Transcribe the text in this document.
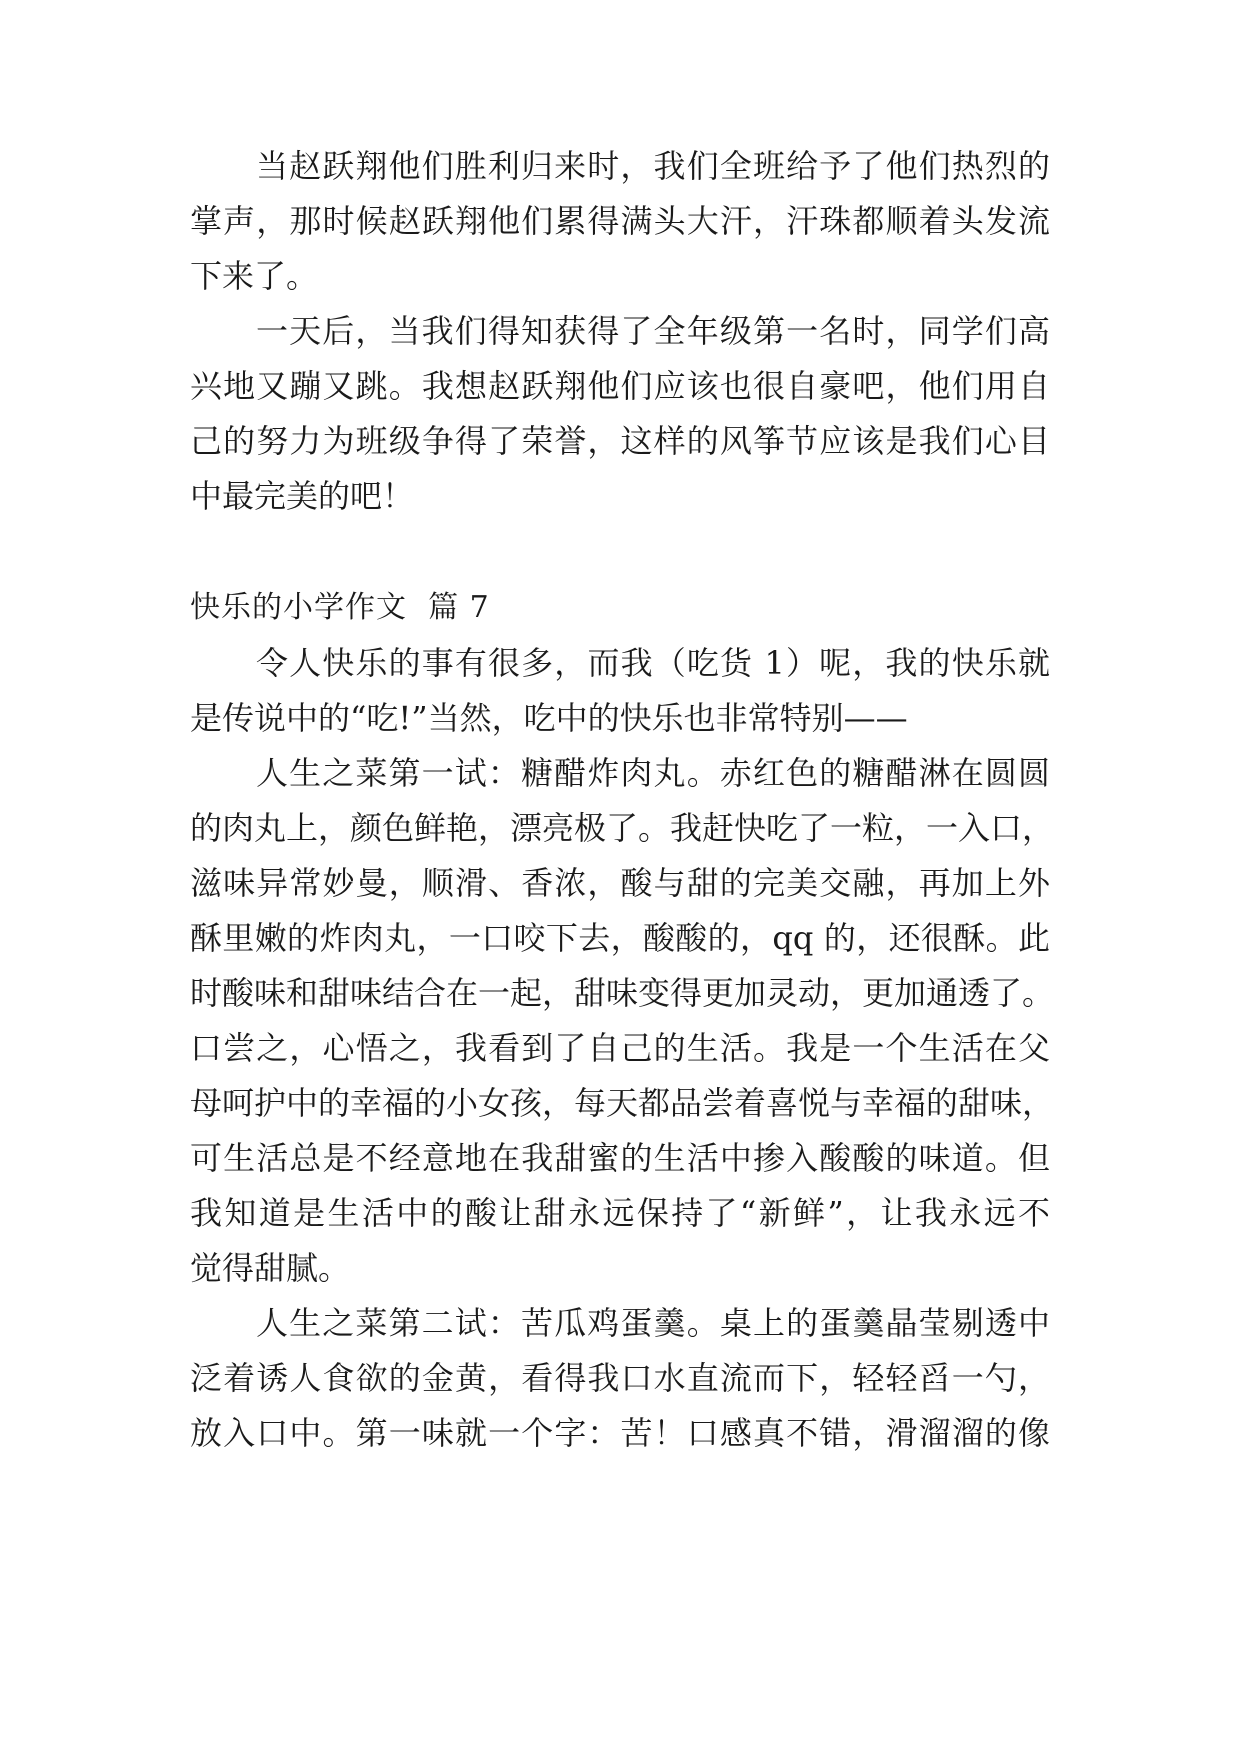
当赵跃翔他们胜利归来时，我们全班给予了他们热烈的
掌声，那时候赵跃翔他们累得满头大汗，汗珠都顺着头发流
下来了。
一天后，当我们得知获得了全年级第一名时，同学们高
兴地又蹦又跳。我想赵跃翔他们应该也很自豪吧，他们用自
己的努力为班级争得了荣誉，这样的风筝节应该是我们心目
中最完美的吧！
快乐的小学作文  篇 7
令人快乐的事有很多，而我（吃货 1）呢，我的快乐就
是传说中的“吃!”当然，吃中的快乐也非常特别——
人生之菜第一试：糖醋炸肉丸。赤红色的糖醋淋在圆圆
的肉丸上，颜色鲜艳，漂亮极了。我赶快吃了一粒，一入口，
滋味异常妙曼，顺滑、香浓，酸与甜的完美交融，再加上外
酥里嫩的炸肉丸，一口咬下去，酸酸的，qq 的，还很酥。此
时酸味和甜味结合在一起，甜味变得更加灵动，更加通透了。
口尝之，心悟之，我看到了自己的生活。我是一个生活在父
母呵护中的幸福的小女孩，每天都品尝着喜悦与幸福的甜味，
可生活总是不经意地在我甜蜜的生活中掺入酸酸的味道。但
我知道是生活中的酸让甜永远保持了“新鲜”，让我永远不
觉得甜腻。
人生之菜第二试：苦瓜鸡蛋羹。桌上的蛋羹晶莹剔透中
泛着诱人食欲的金黄，看得我口水直流而下，轻轻舀一勺，
放入口中。第一味就一个字：苦！口感真不错，滑溜溜的像
